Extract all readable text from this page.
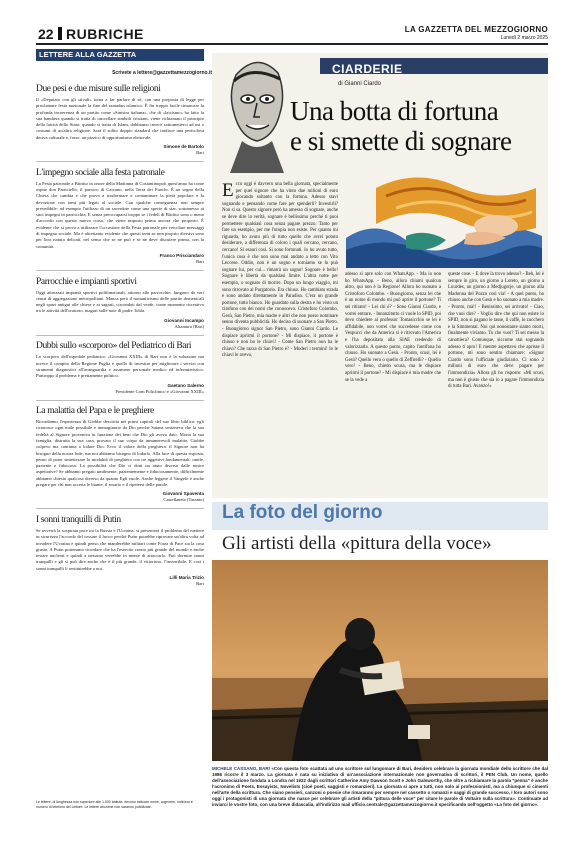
22 RUBRICHE	LA GAZZETTA DEL MEZZOGIORNO
Lunedì 2 marzo 2025
LETTERE ALLA GAZZETTA
Scrivete a lettere@gazzettamezzogiorno.it
Due pesi e due misure sulle religioni

Il «Deputato con gli stivali» torna a far parlare di sé, con una proposta di legge per proclamare festa nazionale la fine del ramadan islamico. È fin troppo facile rimarcare la profonda incoerenza di un partito come «Sinistra italiana», che di «laicismo» ha fatto la sua bandiera quando si tratta di cancellare simboli cristiani, viene richiamato il principio della laicità dello Stato; quando si tratta di Islam, dobbiamo invece sottometterci ad usi e costumi di un'altra religione. Sarà il solito doppio standard che tradisce una pericolosa deriva culturale e, forse, un pizzico di opportunismo elettorale.

Simone de Bartolo
Bari
L'impegno sociale alla festa patronale

La Festa patronale a Bitritto in onore della Madonna di Costantinopoli quest'anno ha come ospite don Patriciello, il parroco di Caivano, nella Terra dei Fuochi. È un segno della Chiesa che cambia e che prova a trasformare e contaminare la pietà popolare e la devozione con temi più legati al sociale. Con qualche conseguenza non sempre prevedibile: ad esempio l'utilizzo di un sacerdote come una specie di star, sottomesso ai suoi impegni in parrocchia. E senza preoccuparsi troppo se i fedeli di Bitritto sono o meno d'accordo con questo nuovo corso, che viene imposto prima ancora che proposto. È evidente che si prova a utilizzare l'occasione della Festa patronale per veicolare messaggi di impegno sociale. Ma è altrettanto evidente che questi temi se non proprio divisivi sono per loro natura delicati, nel senso che se ne può e se ne deve discutere prima, con la comunità.

Franco Prisciandaro
Bari
Parrocchie e impianti sportivi

Oggi attrezzati impianti sportivi polifunzionali, attorno alle parrocchie, fungono da veri centri di aggregazione metropolitani. Manca però il romanticismo delle partite domenicali negli spazi antigui alle chiese e ai sagrati, circondati dal verde, come momento ricreativo tra le attività dell'oratorio, magari sulle note di padre Tobia.

Giovanni Incampo
Altamura (Bari)
Dubbi sullo «scorporo» del Pediatrico di Bari

Lo scorporo dell'ospedale pediatrico «Giovanni XXIII» di Bari non è la soluzione ma invece il compito della Regione Puglia è quello di investire per migliorare i servizi con strumenti diagnostici all'avanguardia e assumere personale medico ed infermieristico. Purtroppo il problema è prettamente politico.

Gaetano Salerno
Presidente Com Policlinico e «Giovanni XXIII»
La malattia del Papa e le preghiere

Ricordiamo l'esperienza di Giobbe descritta nei primi capitoli del suo libro biblico: egli riconosce ogni male possibile e immaginario da Dio perché Satana sosteneva che la sua fedeltà al Signore proveniva in funzione dei beni che Dio gli aveva dato. Morta la sua famiglia, distrutta la sua casa, provato il suo corpo da innumerevoli malattie, Giobbe colpevo ma continua a lodare Dio. Ecco il valore della preghiera: il Signore non ha bisogno della nostra lode, ma noi abbiamo bisogno di lodarlo. Alla luce di questa risposta, penso di poter sintetizzare la modalità di preghiera con tre aggettivi fondamentali: umile, paziente e fiduciosa. La possibilità che Dio ci doni un aiuto diverso dalle nostre aspettative? Se abbiamo pregato umilmente, pazientemente e fiduciosamente, difficilmente abbiamo chiesto qualcosa diverso da quanto Egli vuole. Anche leggere il Vangelo è anche pregare per chi non accetta le litanie, il rosario e il ripetersi delle parole.

Giovanni Spaventa
Castellaneta (Taranto)
I sonni tranquilli di Putin

Se avverrà la sospirata pace tra la Russia e l'Ucraina, si presenterà il problema del mettere in sicurezza l'accordo del cessate il fuoco perché Putin potrebbe riprovare un'altra volta ad invadere l'Ucraina e quindi penso che manderebbe militari come Forza di Pace sia la cosa giusta. A Putin potremmo ricordare che ha l'esercito creato più grande del mondo e molte testate nucleari e quindi a nessuno verrebbe in mente di attaccarlo. Può dormire sonni tranquilli e gli si può dire anche che è il più grande, il vittorioso, l'invincibile. E così i sonni tranquilli li restituirebbe a noi.

Lilli Maria Trizio
Bari
Le lettere, di lunghezza non superiore alle 1.000 battute, devono indicare nome, cognome, indirizzo e numero di telefono del Lettore. Le lettere anonime non saranno pubblicate.
CIARDERIE
di Gianni Ciardo
Una botta di fortuna
e si smette di sognare

Ecco oggi è davvero una bella giornata, specialmente per quel signore che ha vinto due milioni di euro giocando soltanto con la fortuna. Adesso stavi sognando e pensando come fare per spenderli? Investirli? Non si sa. Questo signore però ha amesso di sognare, anche se deve dire la verità, sognare è bellissimo perché ti puoi permettere qualsiasi cosa senza pagare prezzo. Tanto per fare un esempio, per me l'utopia non esiste. Per quanto mi riguarda, ho avuto più di tutto quello che avrei potuto desiderare, a differenza di coloro i quali cercano, cercano, cercano! Si esauri cosi. Si sono fortunati. Io ho avuto tutto, l'unica cosa è che non sono mai andato a letto con Vito Leccese. Oddio, non è un sogno e torniamo se lo può sognare lui, per cui... rimarrà un sogno! Sognare è bello! Sognare è libertà da qualsiasi limite. L'altra notte per esempio, o sognato di morire. Dopo un lungo viaggio, mi sono ritrovato al Purgatorio. Era chiuso. Ho cambiato strada e sono andato direttamente in Paradiso. C'era un grande portone, tutto bianco. Ho guardato sulla destra e ho visto un citofono con dei nomi che conoscevo. Cristoforo Colombo, Gesù, San Pietro, mia madre e altri che non posso nominare senno diventa pubblicità. Ho deciso di suonare a San Pietro. - Buongiorno signor San Pietro, sono Gianni Ciardo. Le dispiace aprirmi il portone? - Mi dispiace, il portone è chiuso e non ho le chiavi! - Come San Pietro non ha le chiavi? Che razza di San Pietro è? - Moderi i termini! Io le chiavi le avevo,

adesso si apre solo con WhatsApp. - Ma io non ho WhatsApp. - Beno, allora chiami qualcun altro, qui non è la Regione! Allora ho suonato a Cristoforo Colombo. - Buongiorno, senza lei che è un nome di mondo mi può aprire il portone? Ti sei ritirato! - Lei chi è? - Sono Gianni Ciardo, e vorrei entrare. - Innanzitutto ci vuole lo SPID, poi devo chiedere al professor Tomasicchio se lei è affidabile, non vorrei che succedesse come con Vespucci che da America si è ritrovato l'America e l'ha depositata alla SIAE credendo di valorizzarla. A questo punto, capito l'antifona ho chiuso. Ho suonato a Gesù. - Pronto, scusi, lei è Gesù? Quello vero o quello di Zeffirelli? - Quello vero! - Beno, chiedo scusa, ma le dispiace aprirmi il portone? - Mi dispiace è mia madre che se la vede a

queste cose. - E dove la trovo adesso? - Beh, lei è sempre in giro, un giorno a Loreto, un giorno a Lourdes, un giorno a Medjugorje, un giorno alla Madonna del Pozzo così via! - A quel punto, ho chiuso anche con Gesù e ho suonato a mia madre. - Pronto, mà!! - Benissimo, sei arrivato! - Ciao, che vuoi dire? - Voglio dire che qui non esiste lo SPID, non si pagano le tasse, il caffè, lo zucchero e la Simmental. Noi qui nonostante siamo morti, finalmente viviamo. Tu che vuoi? Ti sei messo la canottiera? Comunque, siccome stai sognando adesso ti apro! E mentre aspettavo che aprisse il portone, mi sono sentito chiamare: «Signor Ciardo sono l'ufficiale giudiziario. Ci sono 2 milioni di euro che deve pagare per l'immondizia» Allora gli ho risposto: «Mi scusi, ma non è giusto che sia io a pagare l'immondizia di tutta Bari. Avanzo!»

La foto del giorno
Gli artisti della «pittura della voce»
MICHELE CASSANO, BARI «Con questa foto scattata ad uno scrittore sul lungomare di Bari, desidero celebrare la giornata mondiale dello scrittore che dal 1986 ricorre il 3 marzo. La giornata è nata su iniziativa di un'associazione internazionale non governativa di scrittori, il PEN Club. Un nome, quello dell'associazione fondata a Londra nel 1922 dagli scrittori Catherine Amy Dawson Scott e John Galsworthy, che oltre a richiamare la parola "penna" è anche l'acronimo di Poets, Essayists, Novelists (cioè poeti, saggisti e romanzieri). La giornata si apre a tutti, non solo ai professionisti, ma a chiunque si cimenti nell'arte della scrittura. Che siano pensieri, canzoni o poesie che rimaranno per sempre nel cassetto o romanzi e saggi di grande successo, i loro autori sono oggi i protagonisti di una giornata che nasce per celebrare gli artisti della "pittura delle voce" per citare le parole di Voltaire sulla scrittura». Continuate ad inviarci le vostre foto, con una breve didascalia, all'indirizzo mail ufficio.centrale@gazzettamezzogiorno.it specificando nell'oggetto «La foto del giorno».
